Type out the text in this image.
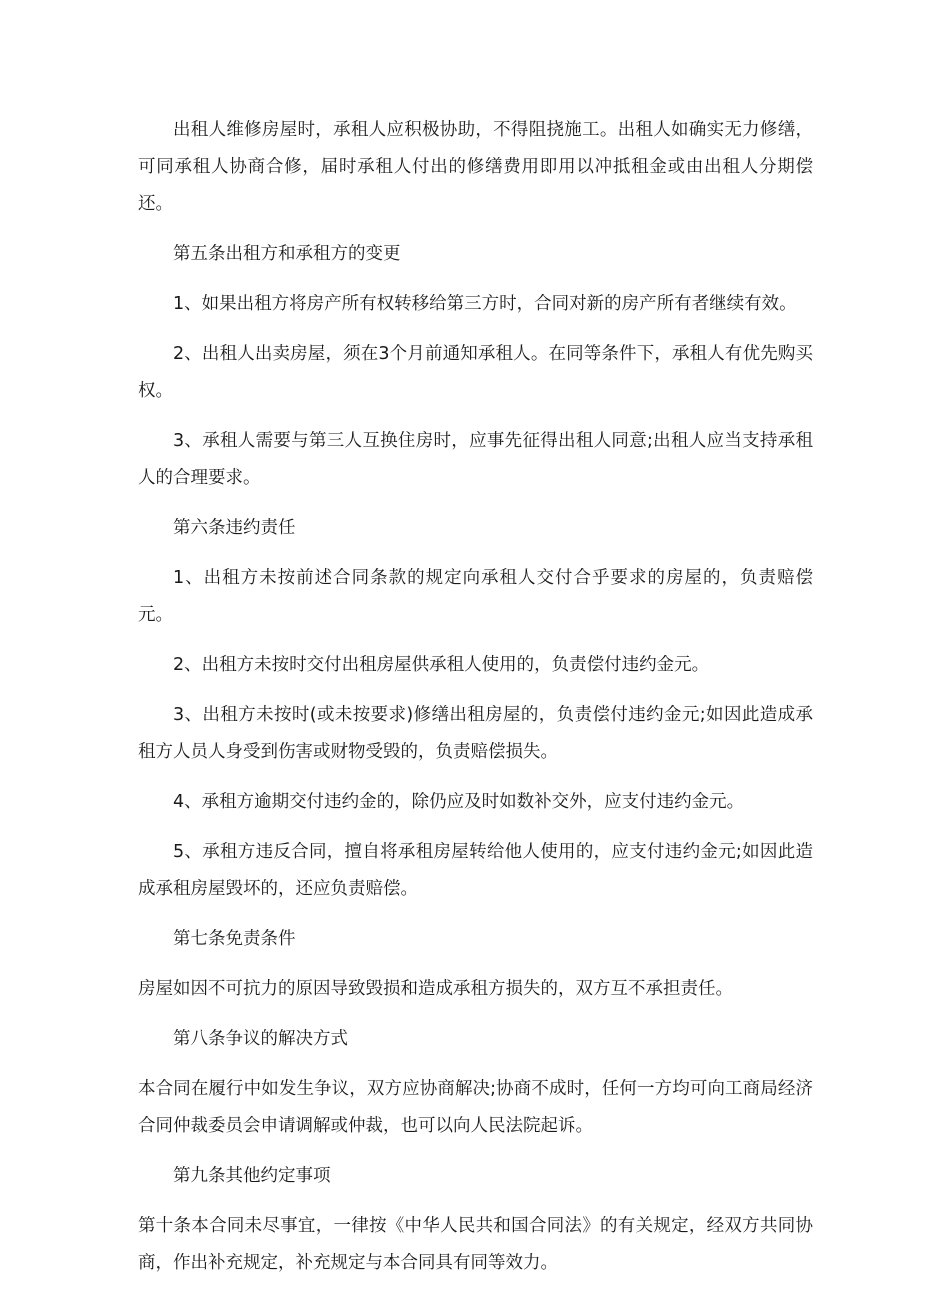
出租人维修房屋时，承租人应积极协助，不得阻挠施工。出租人如确实无力修缮，可同承租人协商合修，届时承租人付出的修缮费用即用以冲抵租金或由出租人分期偿还。

第五条出租方和承租方的变更

1、如果出租方将房产所有权转移给第三方时，合同对新的房产所有者继续有效。

2、出租人出卖房屋，须在3个月前通知承租人。在同等条件下，承租人有优先购买权。

3、承租人需要与第三人互换住房时，应事先征得出租人同意;出租人应当支持承租人的合理要求。

第六条违约责任

1、出租方未按前述合同条款的规定向承租人交付合乎要求的房屋的，负责赔偿元。

2、出租方未按时交付出租房屋供承租人使用的，负责偿付违约金元。

3、出租方未按时(或未按要求)修缮出租房屋的，负责偿付违约金元;如因此造成承租方人员人身受到伤害或财物受毁的，负责赔偿损失。

4、承租方逾期交付违约金的，除仍应及时如数补交外，应支付违约金元。

5、承租方违反合同，擅自将承租房屋转给他人使用的，应支付违约金元;如因此造成承租房屋毁坏的，还应负责赔偿。

第七条免责条件

房屋如因不可抗力的原因导致毁损和造成承租方损失的，双方互不承担责任。

第八条争议的解决方式

本合同在履行中如发生争议，双方应协商解决;协商不成时，任何一方均可向工商局经济合同仲裁委员会申请调解或仲裁，也可以向人民法院起诉。

第九条其他约定事项

第十条本合同未尽事宜，一律按《中华人民共和国合同法》的有关规定，经双方共同协商，作出补充规定，补充规定与本合同具有同等效力。
